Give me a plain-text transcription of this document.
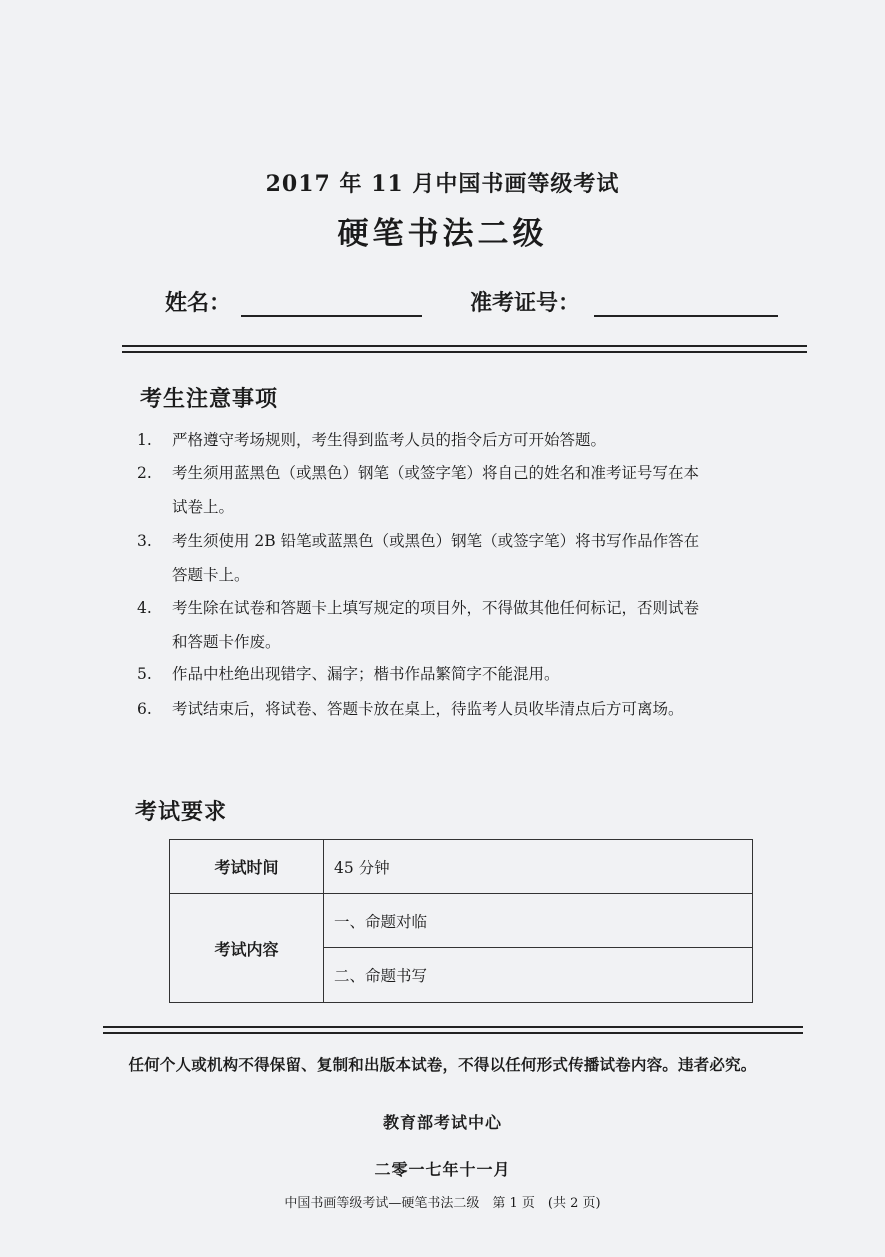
2017 年 11 月中国书画等级考试
硬笔书法二级
姓名：	准考证号：
考生注意事项
1.	严格遵守考场规则，考生得到监考人员的指令后方可开始答题。
2.	考生须用蓝黑色（或黑色）钢笔（或签字笔）将自己的姓名和准考证号写在本
试卷上。
3.	考生须使用 2B 铅笔或蓝黑色（或黑色）钢笔（或签字笔）将书写作品作答在
答题卡上。
4.	考生除在试卷和答题卡上填写规定的项目外，不得做其他任何标记，否则试卷
和答题卡作废。
5.	作品中杜绝出现错字、漏字；楷书作品繁简字不能混用。
6.	考试结束后，将试卷、答题卡放在桌上，待监考人员收毕清点后方可离场。
考试要求
考试时间	45 分钟
考试内容	一、命题对临
	二、命题书写
任何个人或机构不得保留、复制和出版本试卷，不得以任何形式传播试卷内容。违者必究。
教育部考试中心
二零一七年十一月
中国书画等级考试—硬笔书法二级　第 1 页　(共 2 页)
